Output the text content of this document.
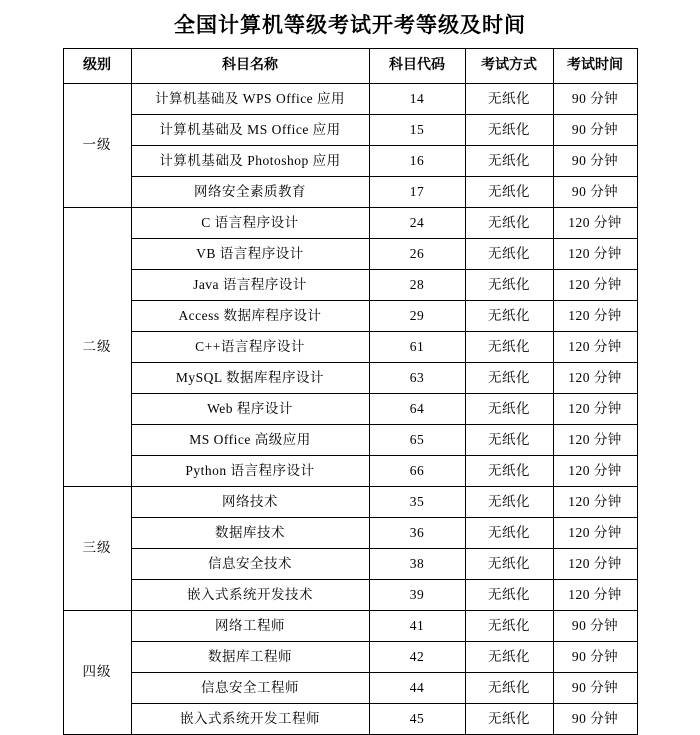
全国计算机等级考试开考等级及时间
级别	科目名称	科目代码	考试方式	考试时间
一级	计算机基础及 WPS Office 应用	14	无纸化	90 分钟
	计算机基础及 MS Office 应用	15	无纸化	90 分钟
	计算机基础及 Photoshop 应用	16	无纸化	90 分钟
	网络安全素质教育	17	无纸化	90 分钟
二级	C 语言程序设计	24	无纸化	120 分钟
	VB 语言程序设计	26	无纸化	120 分钟
	Java 语言程序设计	28	无纸化	120 分钟
	Access 数据库程序设计	29	无纸化	120 分钟
	C++语言程序设计	61	无纸化	120 分钟
	MySQL 数据库程序设计	63	无纸化	120 分钟
	Web 程序设计	64	无纸化	120 分钟
	MS Office 高级应用	65	无纸化	120 分钟
	Python 语言程序设计	66	无纸化	120 分钟
三级	网络技术	35	无纸化	120 分钟
	数据库技术	36	无纸化	120 分钟
	信息安全技术	38	无纸化	120 分钟
	嵌入式系统开发技术	39	无纸化	120 分钟
四级	网络工程师	41	无纸化	90 分钟
	数据库工程师	42	无纸化	90 分钟
	信息安全工程师	44	无纸化	90 分钟
	嵌入式系统开发工程师	45	无纸化	90 分钟
